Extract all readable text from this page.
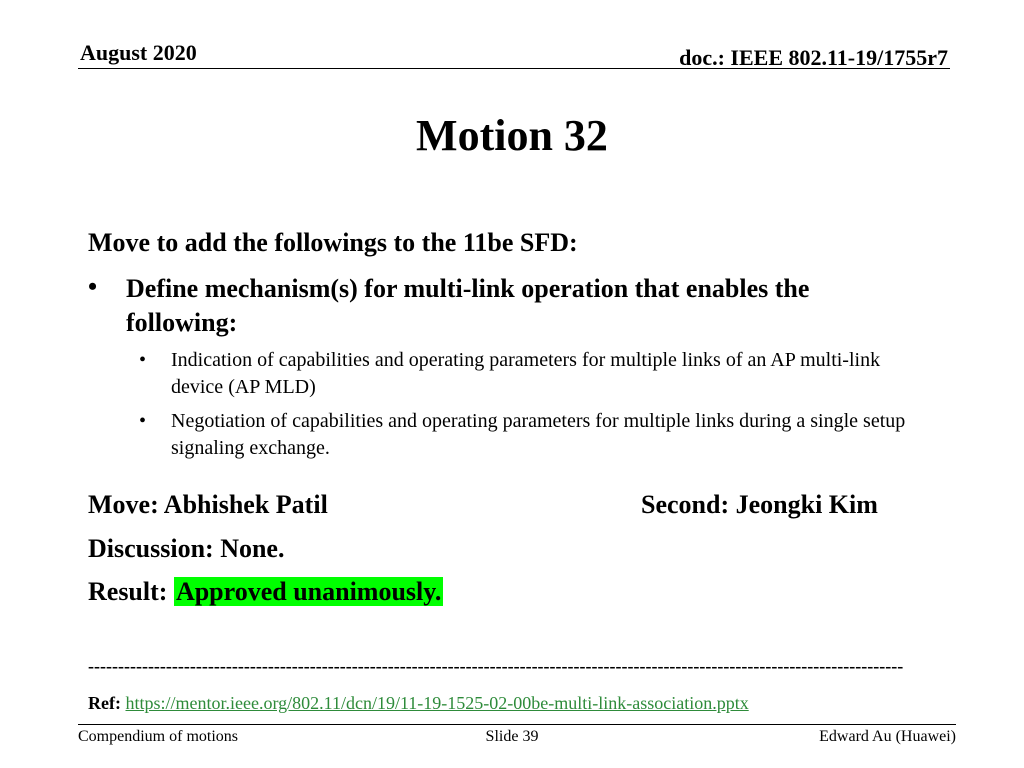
August 2020	doc.: IEEE 802.11-19/1755r7
Motion 32
Move to add the followings to the 11be SFD:
• Define mechanism(s) for multi-link operation that enables the following:
• Indication of capabilities and operating parameters for multiple links of an AP multi-link device (AP MLD)
• Negotiation of capabilities and operating parameters for multiple links during a single setup signaling exchange.
Move: Abhishek Patil	Second: Jeongki Kim
Discussion: None.
Result: Approved unanimously.
----------------------------------------------------------------------------------------------------------------------------------------
Ref: https://mentor.ieee.org/802.11/dcn/19/11-19-1525-02-00be-multi-link-association.pptx
Compendium of motions	Slide 39	Edward Au (Huawei)
